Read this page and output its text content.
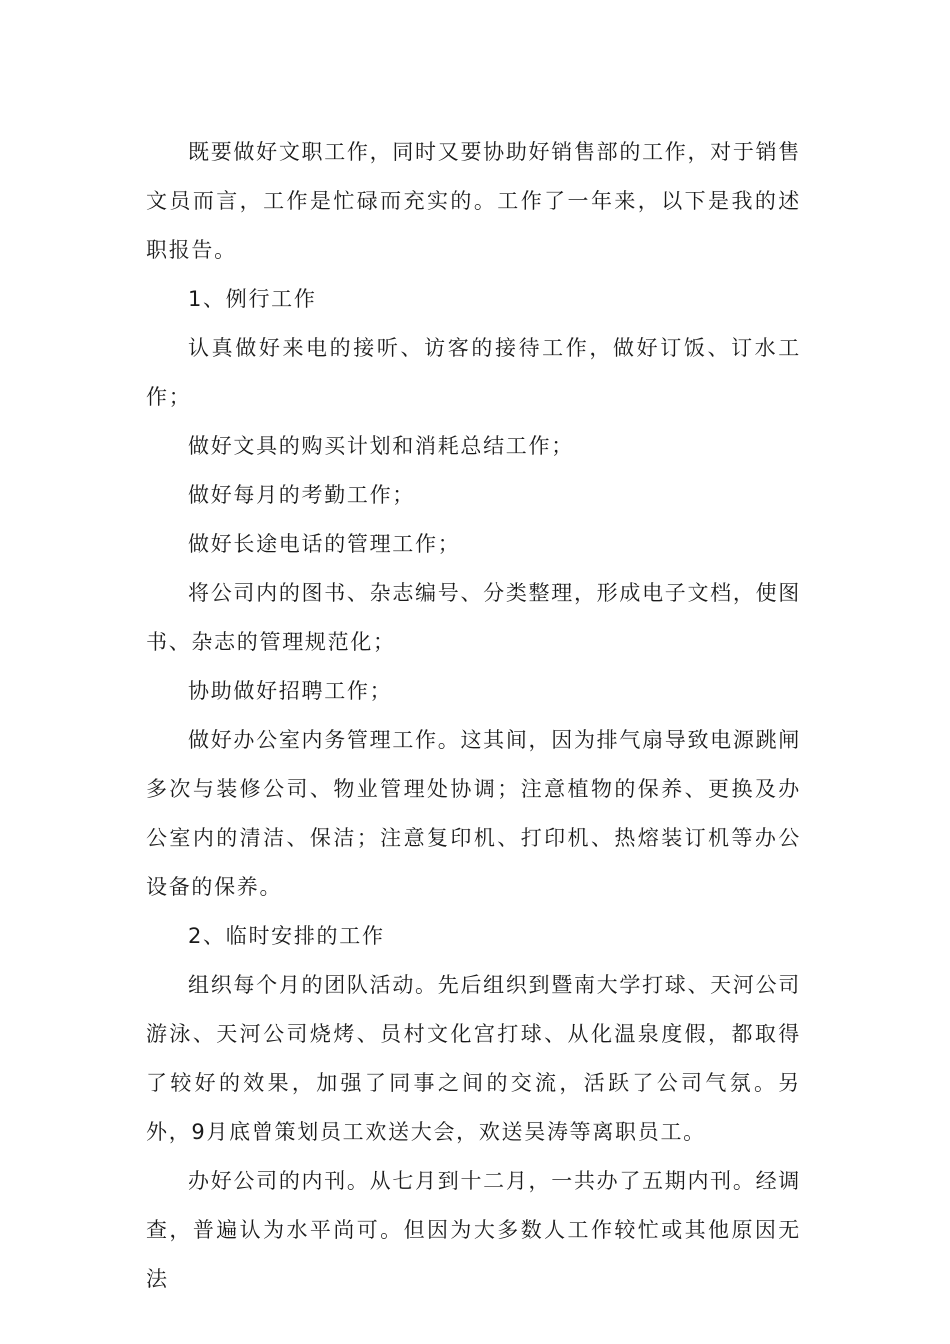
既要做好文职工作，同时又要协助好销售部的工作，对于销售文员而言，工作是忙碌而充实的。工作了一年来，以下是我的述职报告。

1、例行工作

认真做好来电的接听、访客的接待工作，做好订饭、订水工作；

做好文具的购买计划和消耗总结工作；

做好每月的考勤工作；

做好长途电话的管理工作；

将公司内的图书、杂志编号、分类整理，形成电子文档，使图书、杂志的管理规范化；

协助做好招聘工作；

做好办公室内务管理工作。这其间，因为排气扇导致电源跳闸多次与装修公司、物业管理处协调；注意植物的保养、更换及办公室内的清洁、保洁；注意复印机、打印机、热熔装订机等办公设备的保养。

2、临时安排的工作

组织每个月的团队活动。先后组织到暨南大学打球、天河公司游泳、天河公司烧烤、员村文化宫打球、从化温泉度假，都取得了较好的效果，加强了同事之间的交流，活跃了公司气氛。另外，9月底曾策划员工欢送大会，欢送吴涛等离职员工。

办好公司的内刊。从七月到十二月，一共办了五期内刊。经调查，普遍认为水平尚可。但因为大多数人工作较忙或其他原因无法
